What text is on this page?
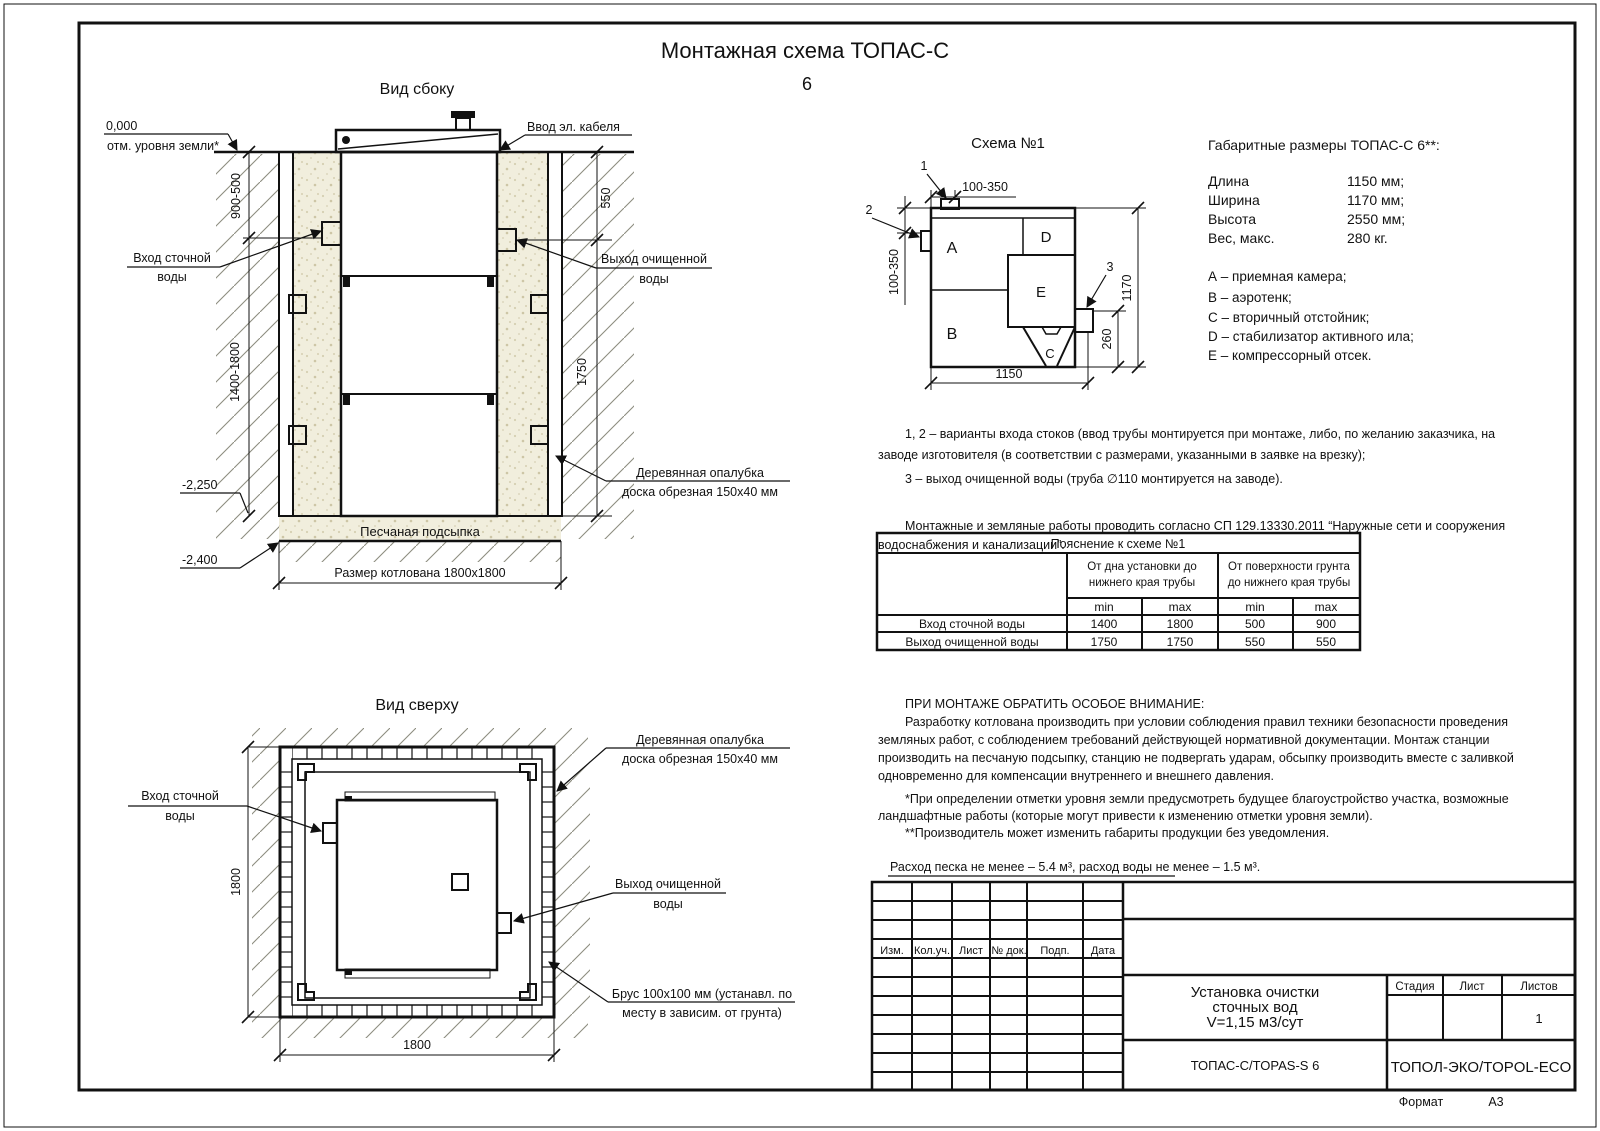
Монтажная схема ТОПАС-С
6
Вид сбоку
900-500
1400-1800
550
1750
Размер котлована 1800х1800
-2,250
-2,400
0,000
отм. уровня земли*
Ввод эл. кабеля
Вход сточной
воды
Выход очищенной
воды
Деревянная опалубка
доска обрезная 150х40 мм
Песчаная подсыпка
Вид сверху
1800
1800
Вход сточной
воды
Выход очищенной
воды
Деревянная опалубка
доска обрезная 150х40 мм
Брус 100х100 мм (устанавл. по
месту в зависим. от грунта)
Схема №1
A
B
C
D
E
1
2
3
100-350
100-350	1170
260
1150
Габаритные размеры ТОПАС-С 6**:
Длина	1150 мм;
Ширина	1170 мм;
Высота	2550 мм;
Вес, макс.	280 кг.
А – приемная камера;
В – аэротенк;
С – вторичный отстойник;
D – стабилизатор активного ила;
Е – компрессорный отсек.
1, 2 – варианты входа стоков (ввод трубы монтируется при монтаже, либо, по желанию заказчика, на
заводе изготовителя (в соответствии с размерами, указанными в заявке на врезку);
3 – выход очищенной воды (труба ∅110 монтируется на заводе).
Монтажные и земляные работы проводить согласно СП 129.13330.2011 “Наружные сети и сооружения
водоснабжения и канализации”.
Пояснение к схеме №1
От дна установки до
нижнего края трубы
От поверхности грунта
до нижнего края трубы
min	max	min	max
Вход сточной воды	1400	1800	500	900
Выход очищенной воды	1750	1750	550	550
ПРИ МОНТАЖЕ ОБРАТИТЬ ОСОБОЕ ВНИМАНИЕ:
Разработку котлована производить при условии соблюдения правил техники безопасности проведения
земляных работ, с соблюдением требований действующей нормативной документации. Монтаж станции
производить на песчаную подсыпку, станцию не подвергать ударам, обсыпку производить вместе с заливкой
одновременно для компенсации внутреннего и внешнего давления.
*При определении отметки уровня земли предусмотреть будущее благоустройство участка, возможные
ландшафтные работы (которые могут привести к изменению отметки уровня земли).
**Производитель может изменить габариты продукции без уведомления.
Расход песка не менее – 5.4 м³, расход воды не менее – 1.5 м³.
Изм. Кол.уч. Лист № док. Подп. Дата
Стадия Лист	Листов
1
Установка очистки
сточных вод
V=1,15 м3/сут
ТОПАС-С/TOPAS-S 6	ТОПОЛ-ЭКО/TOPOL-ECO
Формат	А3
